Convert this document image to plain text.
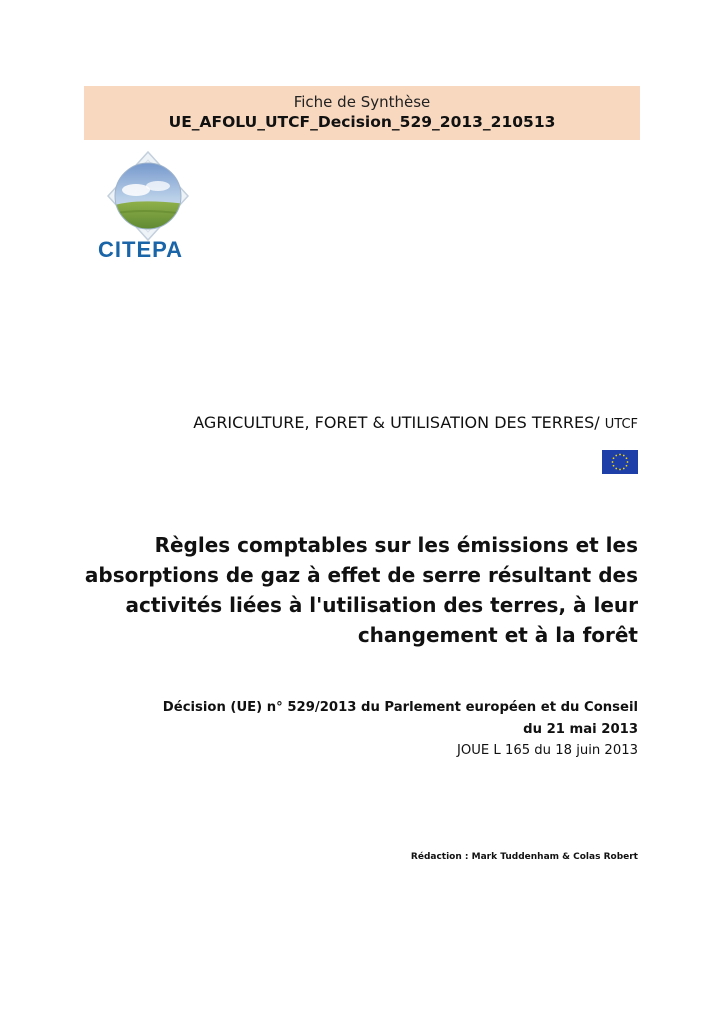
Fiche de Synthèse
UE_AFOLU_UTCF_Decision_529_2013_210513
CITEPA
AGRICULTURE, FORET & UTILISATION DES TERRES/ UTCF
Règles comptables sur les émissions et les
absorptions de gaz à effet de serre résultant des
activités liées à l'utilisation des terres, à leur
changement et à la forêt
Décision (UE) n° 529/2013 du Parlement européen et du Conseil
du 21 mai 2013
JOUE L 165 du 18 juin 2013
Rédaction : Mark Tuddenham & Colas Robert
